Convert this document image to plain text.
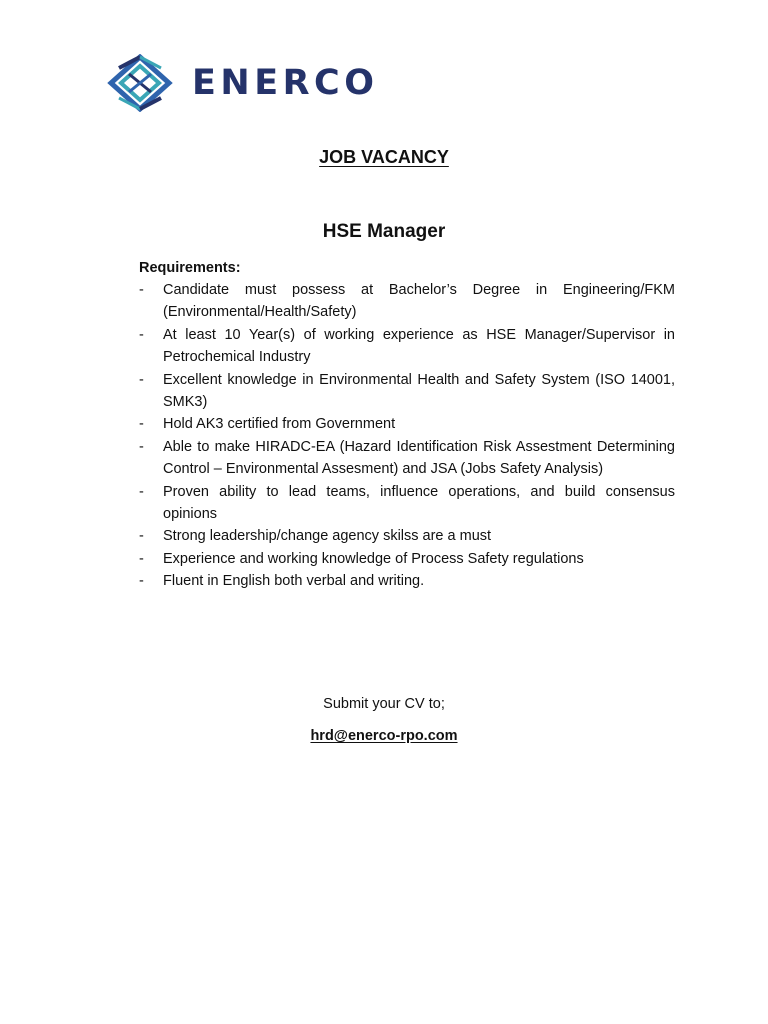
ENERCO
JOB VACANCY
HSE Manager
Requirements:
- Candidate must possess at Bachelor’s Degree in Engineering/FKM (Environmental/Health/Safety)
- At least 10 Year(s) of working experience as HSE Manager/Supervisor in Petrochemical Industry
- Excellent knowledge in Environmental Health and Safety System (ISO 14001, SMK3)
- Hold AK3 certified from Government
- Able to make HIRADC-EA (Hazard Identification Risk Assestment Determining Control – Environmental Assesment) and JSA (Jobs Safety Analysis)
- Proven ability to lead teams, influence operations, and build consensus opinions
- Strong leadership/change agency skilss are a must
- Experience and working knowledge of Process Safety regulations
- Fluent in English both verbal and writing.
Submit your CV to;
hrd@enerco-rpo.com
